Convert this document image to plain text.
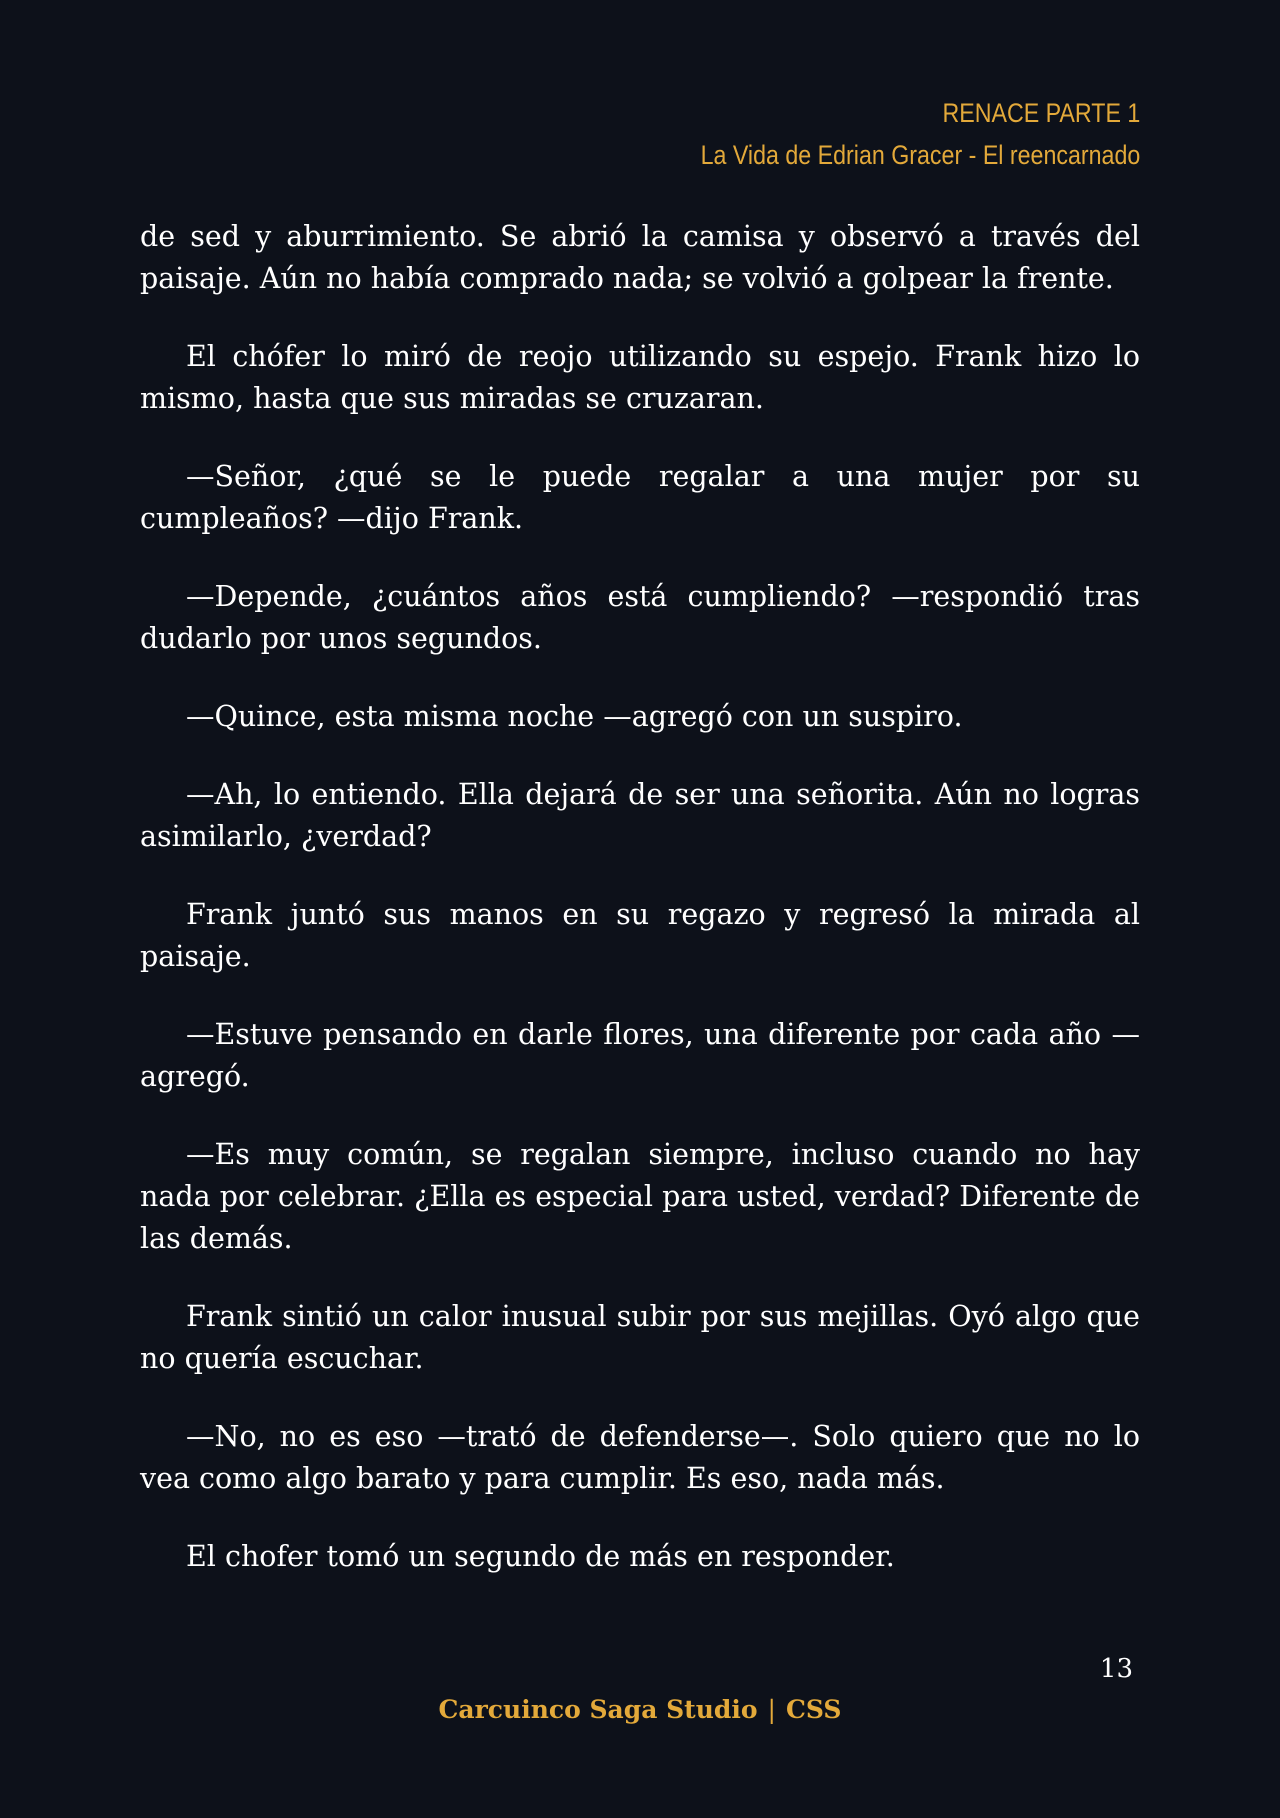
RENACE PARTE 1
La Vida de Edrian Gracer - El reencarnado

de sed y aburrimiento. Se abrió la camisa y observó a través del paisaje. Aún no había comprado nada; se volvió a golpear la frente.

El chófer lo miró de reojo utilizando su espejo. Frank hizo lo mismo, hasta que sus miradas se cruzaran.

—Señor, ¿qué se le puede regalar a una mujer por su cumpleaños? —dijo Frank.

—Depende, ¿cuántos años está cumpliendo? —respondió tras dudarlo por unos segundos.

—Quince, esta misma noche —agregó con un suspiro.

—Ah, lo entiendo. Ella dejará de ser una señorita. Aún no logras asimilarlo, ¿verdad?

Frank juntó sus manos en su regazo y regresó la mirada al paisaje.

—Estuve pensando en darle flores, una diferente por cada año —agregó.

—Es muy común, se regalan siempre, incluso cuando no hay nada por celebrar. ¿Ella es especial para usted, verdad? Diferente de las demás.

Frank sintió un calor inusual subir por sus mejillas. Oyó algo que no quería escuchar.

—No, no es eso —trató de defenderse—. Solo quiero que no lo vea como algo barato y para cumplir. Es eso, nada más.

El chofer tomó un segundo de más en responder.

13
Carcuinco Saga Studio | CSS
